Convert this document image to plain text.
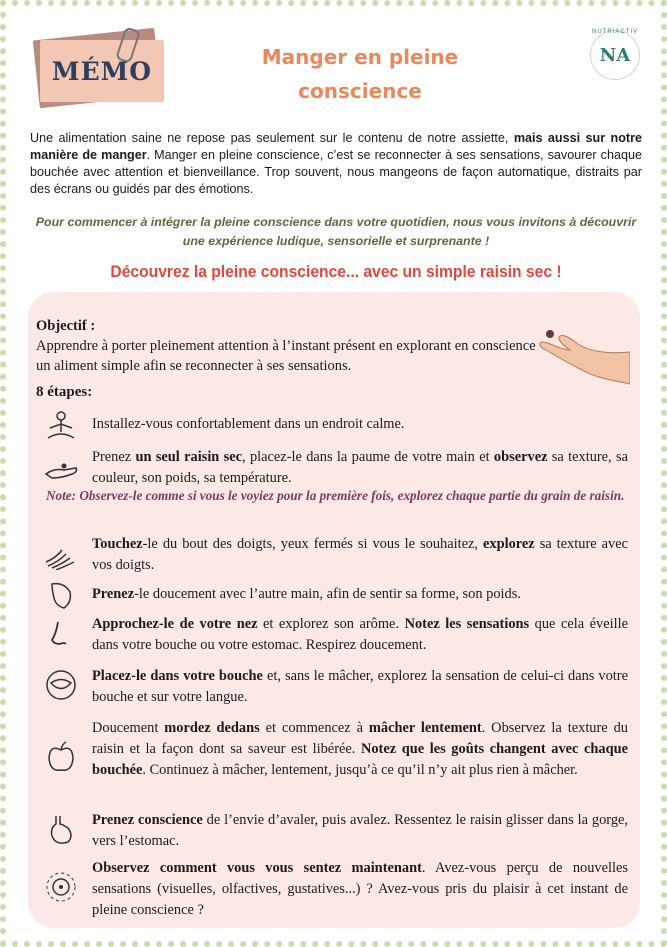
MÉMO	Manger en pleine conscience
NUTRIACTIV
NA
Une alimentation saine ne repose pas seulement sur le contenu de notre assiette, mais aussi sur notre manière de manger. Manger en pleine conscience, c’est se reconnecter à ses sensations, savourer chaque bouchée avec attention et bienveillance. Trop souvent, nous mangeons de façon automatique, distraits par des écrans ou guidés par des émotions.
Pour commencer à intégrer la pleine conscience dans votre quotidien, nous vous invitons à découvrir une expérience ludique, sensorielle et surprenante !
Découvrez la pleine conscience... avec un simple raisin sec !
Objectif :
Apprendre à porter pleinement attention à l’instant présent en explorant en conscience un aliment simple afin se reconnecter à ses sensations.
8 étapes:
Installez-vous confortablement dans un endroit calme.
Prenez un seul raisin sec, placez-le dans la paume de votre main et observez sa texture, sa couleur, son poids, sa température.
Touchez-le du bout des doigts, yeux fermés si vous le souhaitez, explorez sa texture avec vos doigts.
Prenez-le doucement avec l’autre main, afin de sentir sa forme, son poids.
Approchez-le de votre nez et explorez son arôme. Notez les sensations que cela éveille dans votre bouche ou votre estomac. Respirez doucement.
Placez-le dans votre bouche et, sans le mâcher, explorez la sensation de celui-ci dans votre bouche et sur votre langue.
Doucement mordez dedans et commencez à mâcher lentement. Observez la texture du raisin et la façon dont sa saveur est libérée. Notez que les goûts changent avec chaque bouchée. Continuez à mâcher, lentement, jusqu’à ce qu’il n’y ait plus rien à mâcher.
Prenez conscience de l’envie d’avaler, puis avalez. Ressentez le raisin glisser dans la gorge, vers l’estomac.
Observez comment vous vous sentez maintenant. Avez-vous perçu de nouvelles sensations (visuelles, olfactives, gustatives...) ? Avez-vous pris du plaisir à cet instant de pleine conscience ?
Note: Observez-le comme si vous le voyiez pour la première fois, explorez chaque partie du grain de raisin.
